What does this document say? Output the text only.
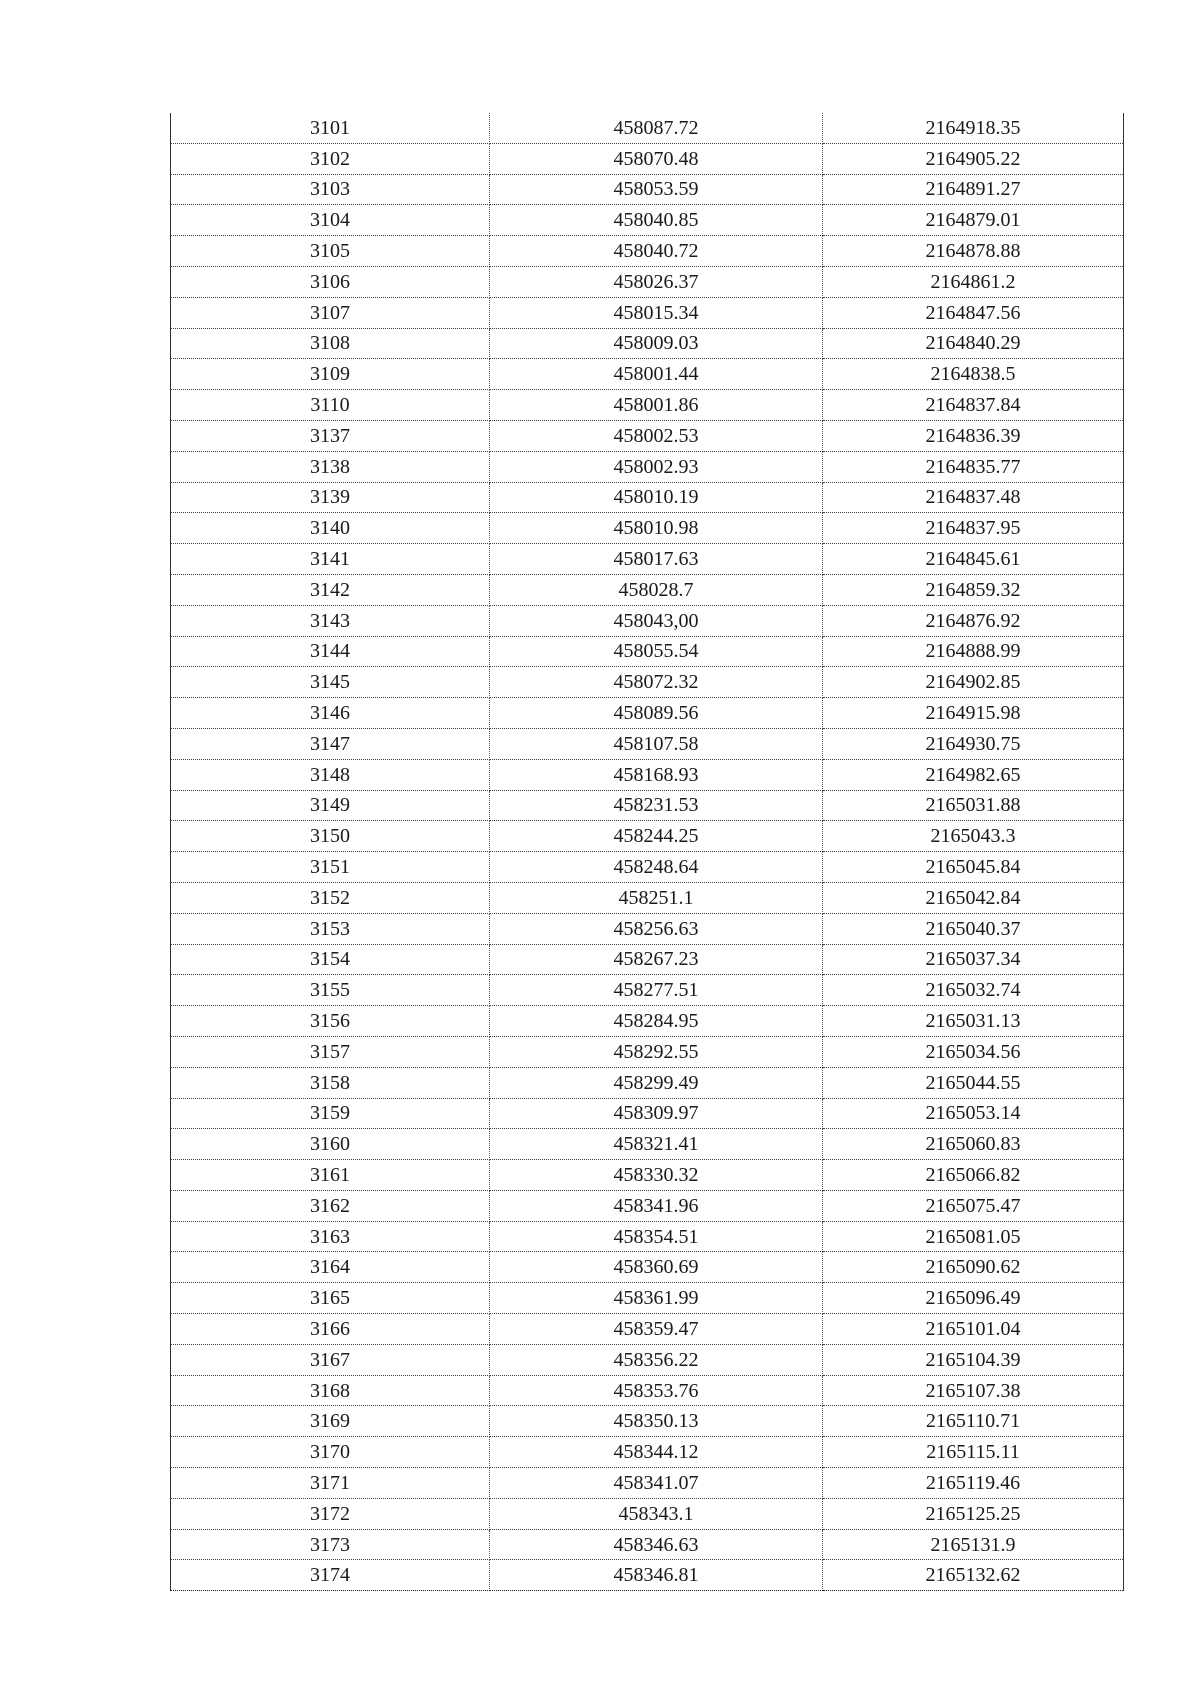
3101	458087.72	2164918.35
3102	458070.48	2164905.22
3103	458053.59	2164891.27
3104	458040.85	2164879.01
3105	458040.72	2164878.88
3106	458026.37	2164861.2
3107	458015.34	2164847.56
3108	458009.03	2164840.29
3109	458001.44	2164838.5
3110	458001.86	2164837.84
3137	458002.53	2164836.39
3138	458002.93	2164835.77
3139	458010.19	2164837.48
3140	458010.98	2164837.95
3141	458017.63	2164845.61
3142	458028.7	2164859.32
3143	458043,00	2164876.92
3144	458055.54	2164888.99
3145	458072.32	2164902.85
3146	458089.56	2164915.98
3147	458107.58	2164930.75
3148	458168.93	2164982.65
3149	458231.53	2165031.88
3150	458244.25	2165043.3
3151	458248.64	2165045.84
3152	458251.1	2165042.84
3153	458256.63	2165040.37
3154	458267.23	2165037.34
3155	458277.51	2165032.74
3156	458284.95	2165031.13
3157	458292.55	2165034.56
3158	458299.49	2165044.55
3159	458309.97	2165053.14
3160	458321.41	2165060.83
3161	458330.32	2165066.82
3162	458341.96	2165075.47
3163	458354.51	2165081.05
3164	458360.69	2165090.62
3165	458361.99	2165096.49
3166	458359.47	2165101.04
3167	458356.22	2165104.39
3168	458353.76	2165107.38
3169	458350.13	2165110.71
3170	458344.12	2165115.11
3171	458341.07	2165119.46
3172	458343.1	2165125.25
3173	458346.63	2165131.9
3174	458346.81	2165132.62
